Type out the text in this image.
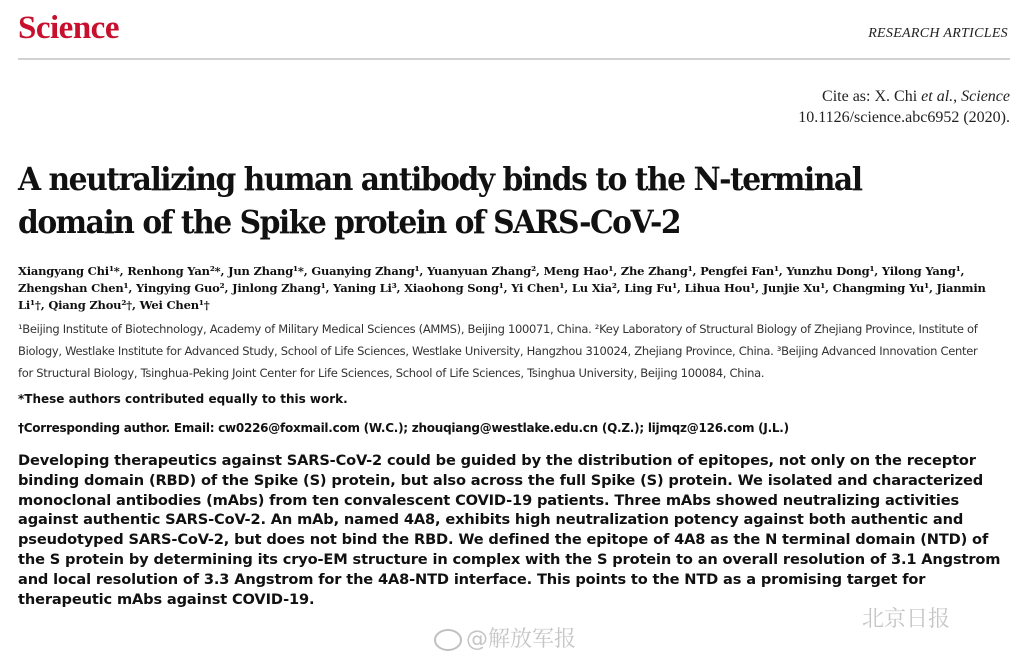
Science	RESEARCH ARTICLES
Cite as: X. Chi et al., Science
10.1126/science.abc6952 (2020).
A neutralizing human antibody binds to the N-terminal domain of the Spike protein of SARS-CoV-2
Xiangyang Chi¹*, Renhong Yan²*, Jun Zhang¹*, Guanying Zhang¹, Yuanyuan Zhang², Meng Hao¹, Zhe Zhang¹, Pengfei Fan¹, Yunzhu Dong¹, Yilong Yang¹, Zhengshan Chen¹, Yingying Guo², Jinlong Zhang¹, Yaning Li³, Xiaohong Song¹, Yi Chen¹, Lu Xia², Ling Fu¹, Lihua Hou¹, Junjie Xu¹, Changming Yu¹, Jianmin Li¹†, Qiang Zhou²†, Wei Chen¹†
¹Beijing Institute of Biotechnology, Academy of Military Medical Sciences (AMMS), Beijing 100071, China. ²Key Laboratory of Structural Biology of Zhejiang Province, Institute of Biology, Westlake Institute for Advanced Study, School of Life Sciences, Westlake University, Hangzhou 310024, Zhejiang Province, China. ³Beijing Advanced Innovation Center for Structural Biology, Tsinghua-Peking Joint Center for Life Sciences, School of Life Sciences, Tsinghua University, Beijing 100084, China.
*These authors contributed equally to this work.
†Corresponding author. Email: cw0226@foxmail.com (W.C.); zhouqiang@westlake.edu.cn (Q.Z.); lijmqz@126.com (J.L.)

Developing therapeutics against SARS-CoV-2 could be guided by the distribution of epitopes, not only on the receptor binding domain (RBD) of the Spike (S) protein, but also across the full Spike (S) protein. We isolated and characterized monoclonal antibodies (mAbs) from ten convalescent COVID-19 patients. Three mAbs showed neutralizing activities against authentic SARS-CoV-2. An mAb, named 4A8, exhibits high neutralization potency against both authentic and pseudotyped SARS-CoV-2, but does not bind the RBD. We defined the epitope of 4A8 as the N terminal domain (NTD) of the S protein by determining its cryo-EM structure in complex with the S protein to an overall resolution of 3.1 Angstrom and local resolution of 3.3 Angstrom for the 4A8-NTD interface. This points to the NTD as a promising target for therapeutic mAbs against COVID-19.

@解放军报
北京日报
